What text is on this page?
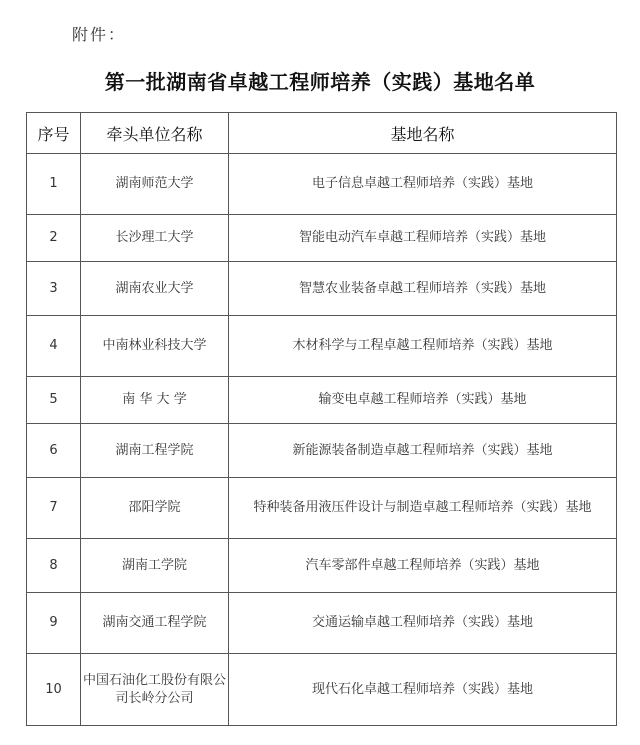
附件：
第一批湖南省卓越工程师培养（实践）基地名单
序号	牵头单位名称	基地名称
1	湖南师范大学	电子信息卓越工程师培养（实践）基地
2	长沙理工大学	智能电动汽车卓越工程师培养（实践）基地
3	湖南农业大学	智慧农业装备卓越工程师培养（实践）基地
4	中南林业科技大学	木材科学与工程卓越工程师培养（实践）基地
5	南 华 大 学	输变电卓越工程师培养（实践）基地
6	湖南工程学院	新能源装备制造卓越工程师培养（实践）基地
7	邵阳学院	特种装备用液压件设计与制造卓越工程师培养（实践）基地
8	湖南工学院	汽车零部件卓越工程师培养（实践）基地
9	湖南交通工程学院	交通运输卓越工程师培养（实践）基地
10	中国石油化工股份有限公司长岭分公司	现代石化卓越工程师培养（实践）基地
